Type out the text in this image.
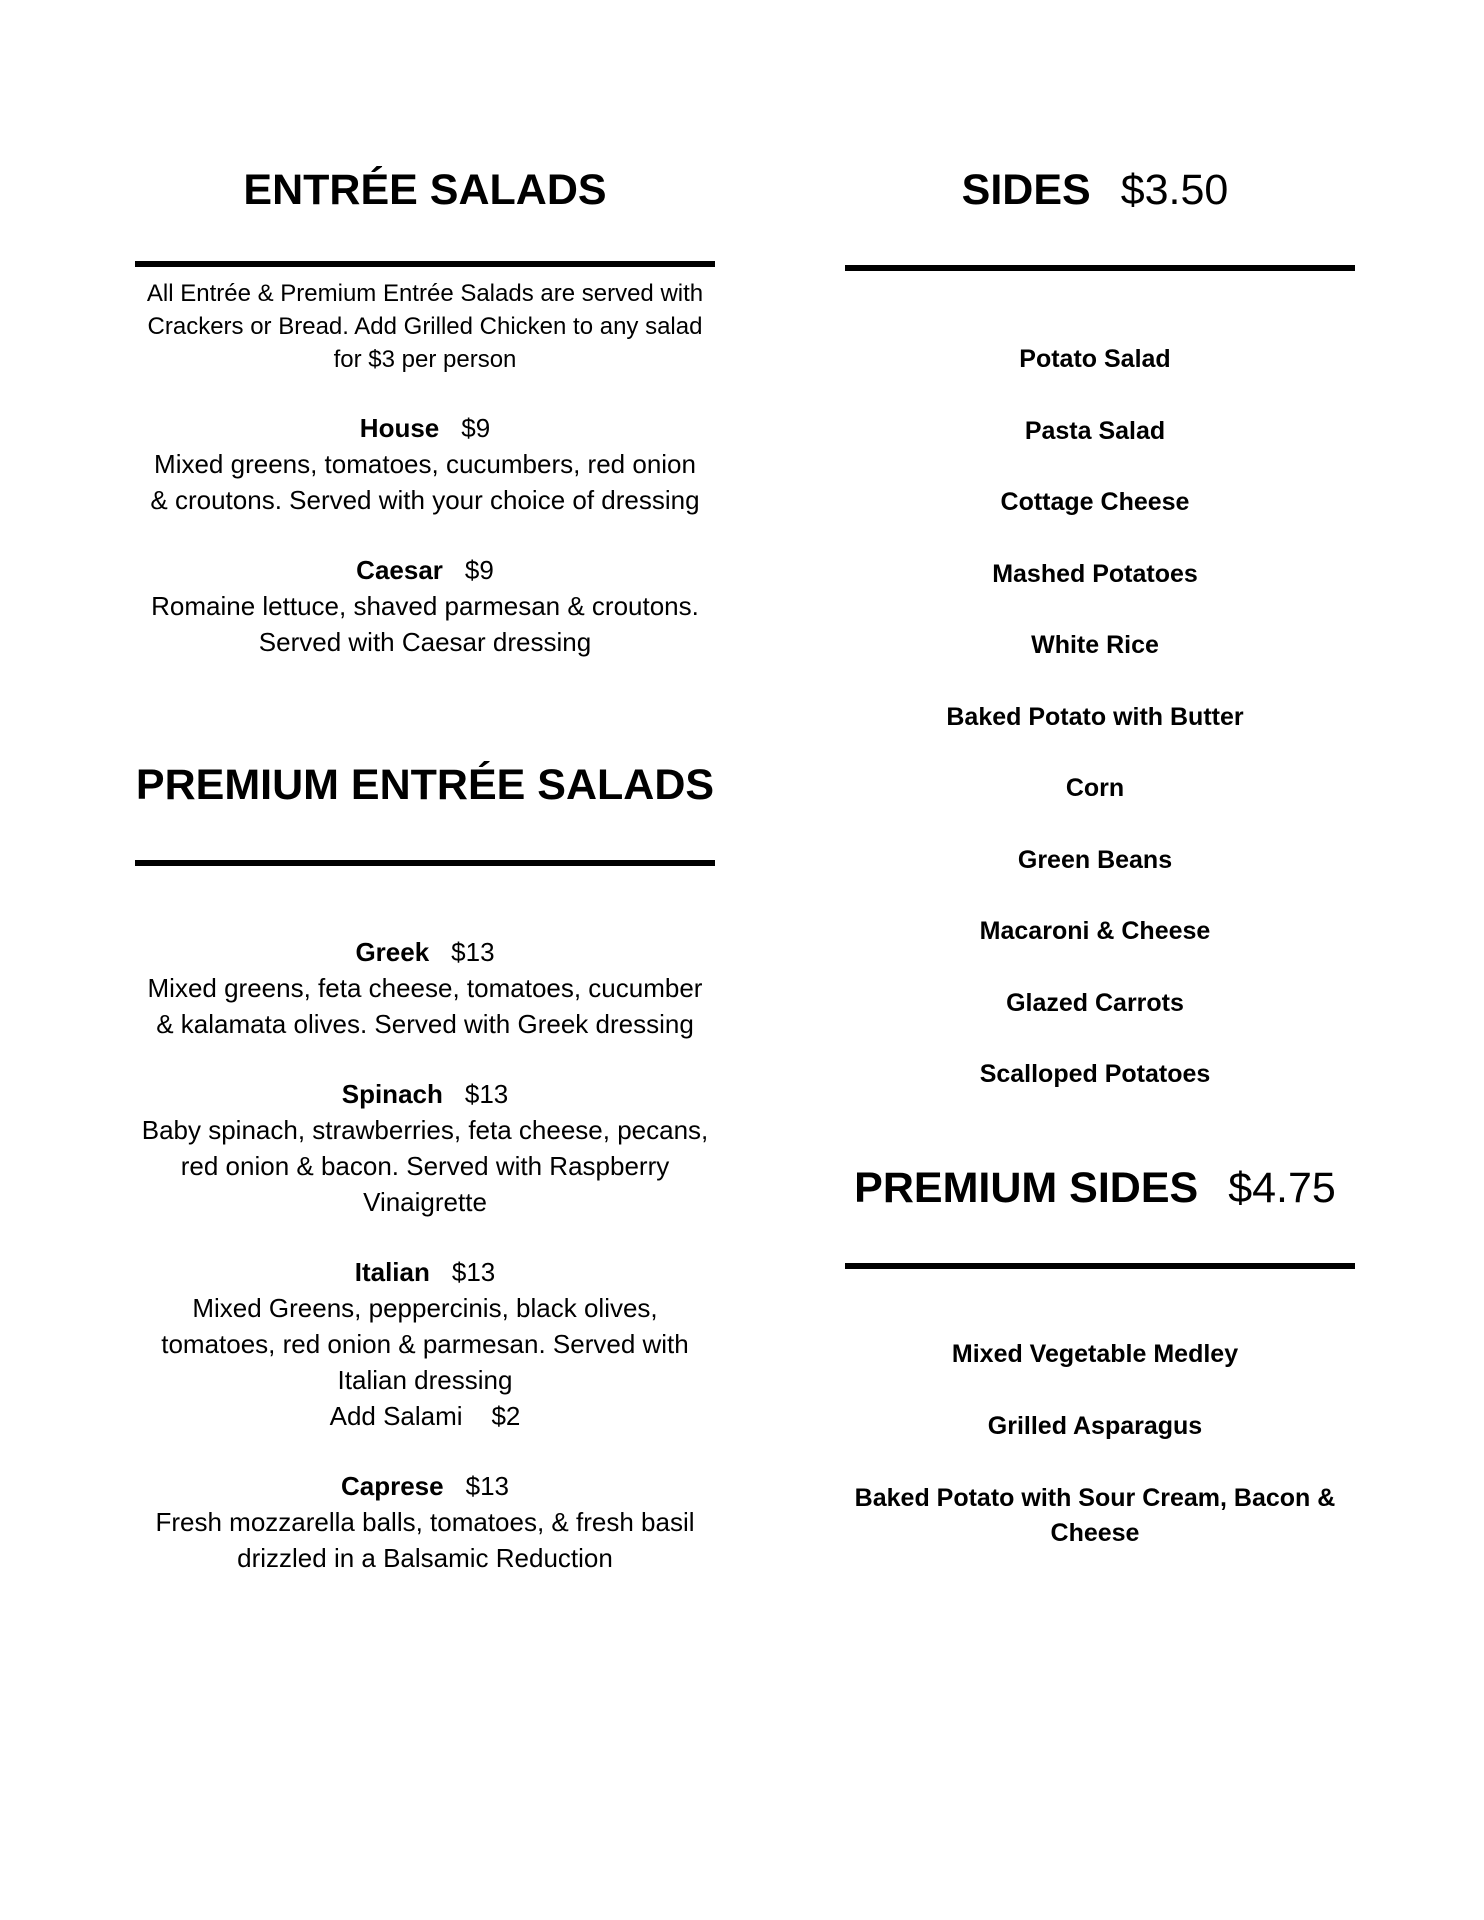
ENTRÉE SALADS
All Entrée & Premium Entrée Salads are served with
Crackers or Bread. Add Grilled Chicken to any salad
for $3 per person
House $9
Mixed greens, tomatoes, cucumbers, red onion
& croutons. Served with your choice of dressing
Caesar $9
Romaine lettuce, shaved parmesan & croutons.
Served with Caesar dressing
PREMIUM ENTRÉE SALADS
Greek $13
Mixed greens, feta cheese, tomatoes, cucumber
& kalamata olives. Served with Greek dressing
Spinach $13
Baby spinach, strawberries, feta cheese, pecans,
red onion & bacon. Served with Raspberry
Vinaigrette
Italian $13
Mixed Greens, peppercinis, black olives,
tomatoes, red onion & parmesan. Served with
Italian dressing
Add Salami    $2
Caprese $13
Fresh mozzarella balls, tomatoes, & fresh basil
drizzled in a Balsamic Reduction
SIDES $3.50
Potato Salad
Pasta Salad
Cottage Cheese
Mashed Potatoes
White Rice
Baked Potato with Butter
Corn
Green Beans
Macaroni & Cheese
Glazed Carrots
Scalloped Potatoes
PREMIUM SIDES $4.75
Mixed Vegetable Medley
Grilled Asparagus
Baked Potato with Sour Cream, Bacon &
Cheese
